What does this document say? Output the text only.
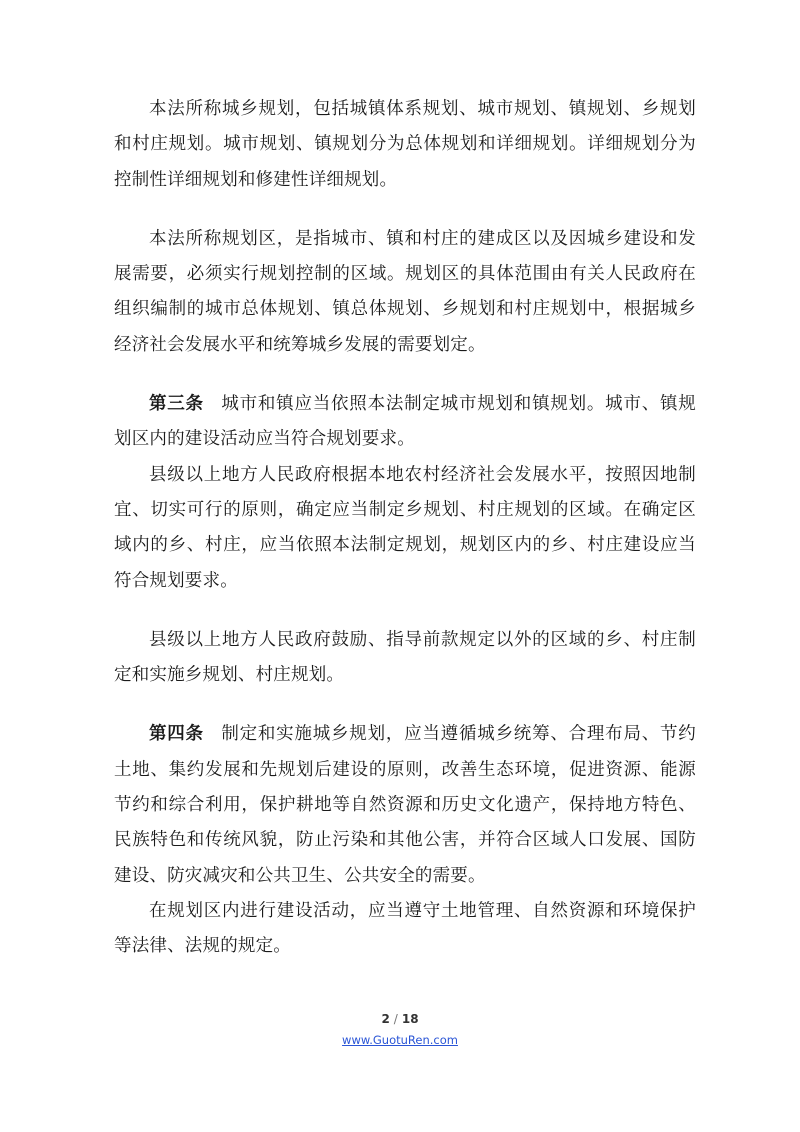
本法所称城乡规划，包括城镇体系规划、城市规划、镇规划、乡规划和村庄规划。城市规划、镇规划分为总体规划和详细规划。详细规划分为控制性详细规划和修建性详细规划。

本法所称规划区，是指城市、镇和村庄的建成区以及因城乡建设和发展需要，必须实行规划控制的区域。规划区的具体范围由有关人民政府在组织编制的城市总体规划、镇总体规划、乡规划和村庄规划中，根据城乡经济社会发展水平和统筹城乡发展的需要划定。

第三条 城市和镇应当依照本法制定城市规划和镇规划。城市、镇规划区内的建设活动应当符合规划要求。

县级以上地方人民政府根据本地农村经济社会发展水平，按照因地制宜、切实可行的原则，确定应当制定乡规划、村庄规划的区域。在确定区域内的乡、村庄，应当依照本法制定规划，规划区内的乡、村庄建设应当符合规划要求。

县级以上地方人民政府鼓励、指导前款规定以外的区域的乡、村庄制定和实施乡规划、村庄规划。

第四条 制定和实施城乡规划，应当遵循城乡统筹、合理布局、节约土地、集约发展和先规划后建设的原则，改善生态环境，促进资源、能源节约和综合利用，保护耕地等自然资源和历史文化遗产，保持地方特色、民族特色和传统风貌，防止污染和其他公害，并符合区域人口发展、国防建设、防灾减灾和公共卫生、公共安全的需要。

在规划区内进行建设活动，应当遵守土地管理、自然资源和环境保护等法律、法规的规定。

2 / 18
www.GuotuRen.com
